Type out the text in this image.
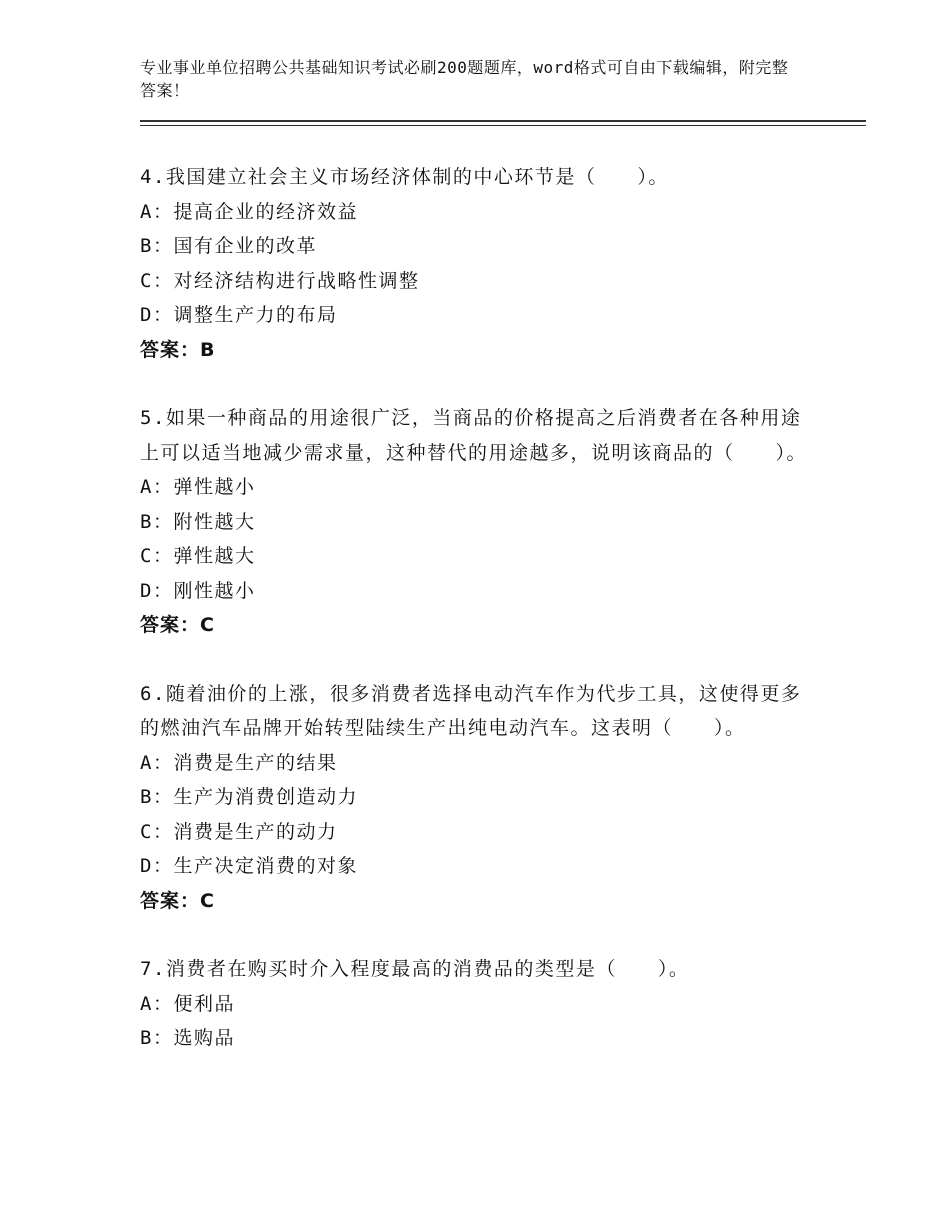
专业事业单位招聘公共基础知识考试必刷200题题库，word格式可自由下载编辑，附完整答案！
4.我国建立社会主义市场经济体制的中心环节是（　　）。
A：提高企业的经济效益
B：国有企业的改革
C：对经济结构进行战略性调整
D：调整生产力的布局
答案：B
5.如果一种商品的用途很广泛，当商品的价格提高之后消费者在各种用途上可以适当地减少需求量，这种替代的用途越多，说明该商品的（　　）。
A：弹性越小
B：附性越大
C：弹性越大
D：刚性越小
答案：C
6.随着油价的上涨，很多消费者选择电动汽车作为代步工具，这使得更多的燃油汽车品牌开始转型陆续生产出纯电动汽车。这表明（　　）。
A：消费是生产的结果
B：生产为消费创造动力
C：消费是生产的动力
D：生产决定消费的对象
答案：C
7.消费者在购买时介入程度最高的消费品的类型是（　　）。
A：便利品
B：选购品
